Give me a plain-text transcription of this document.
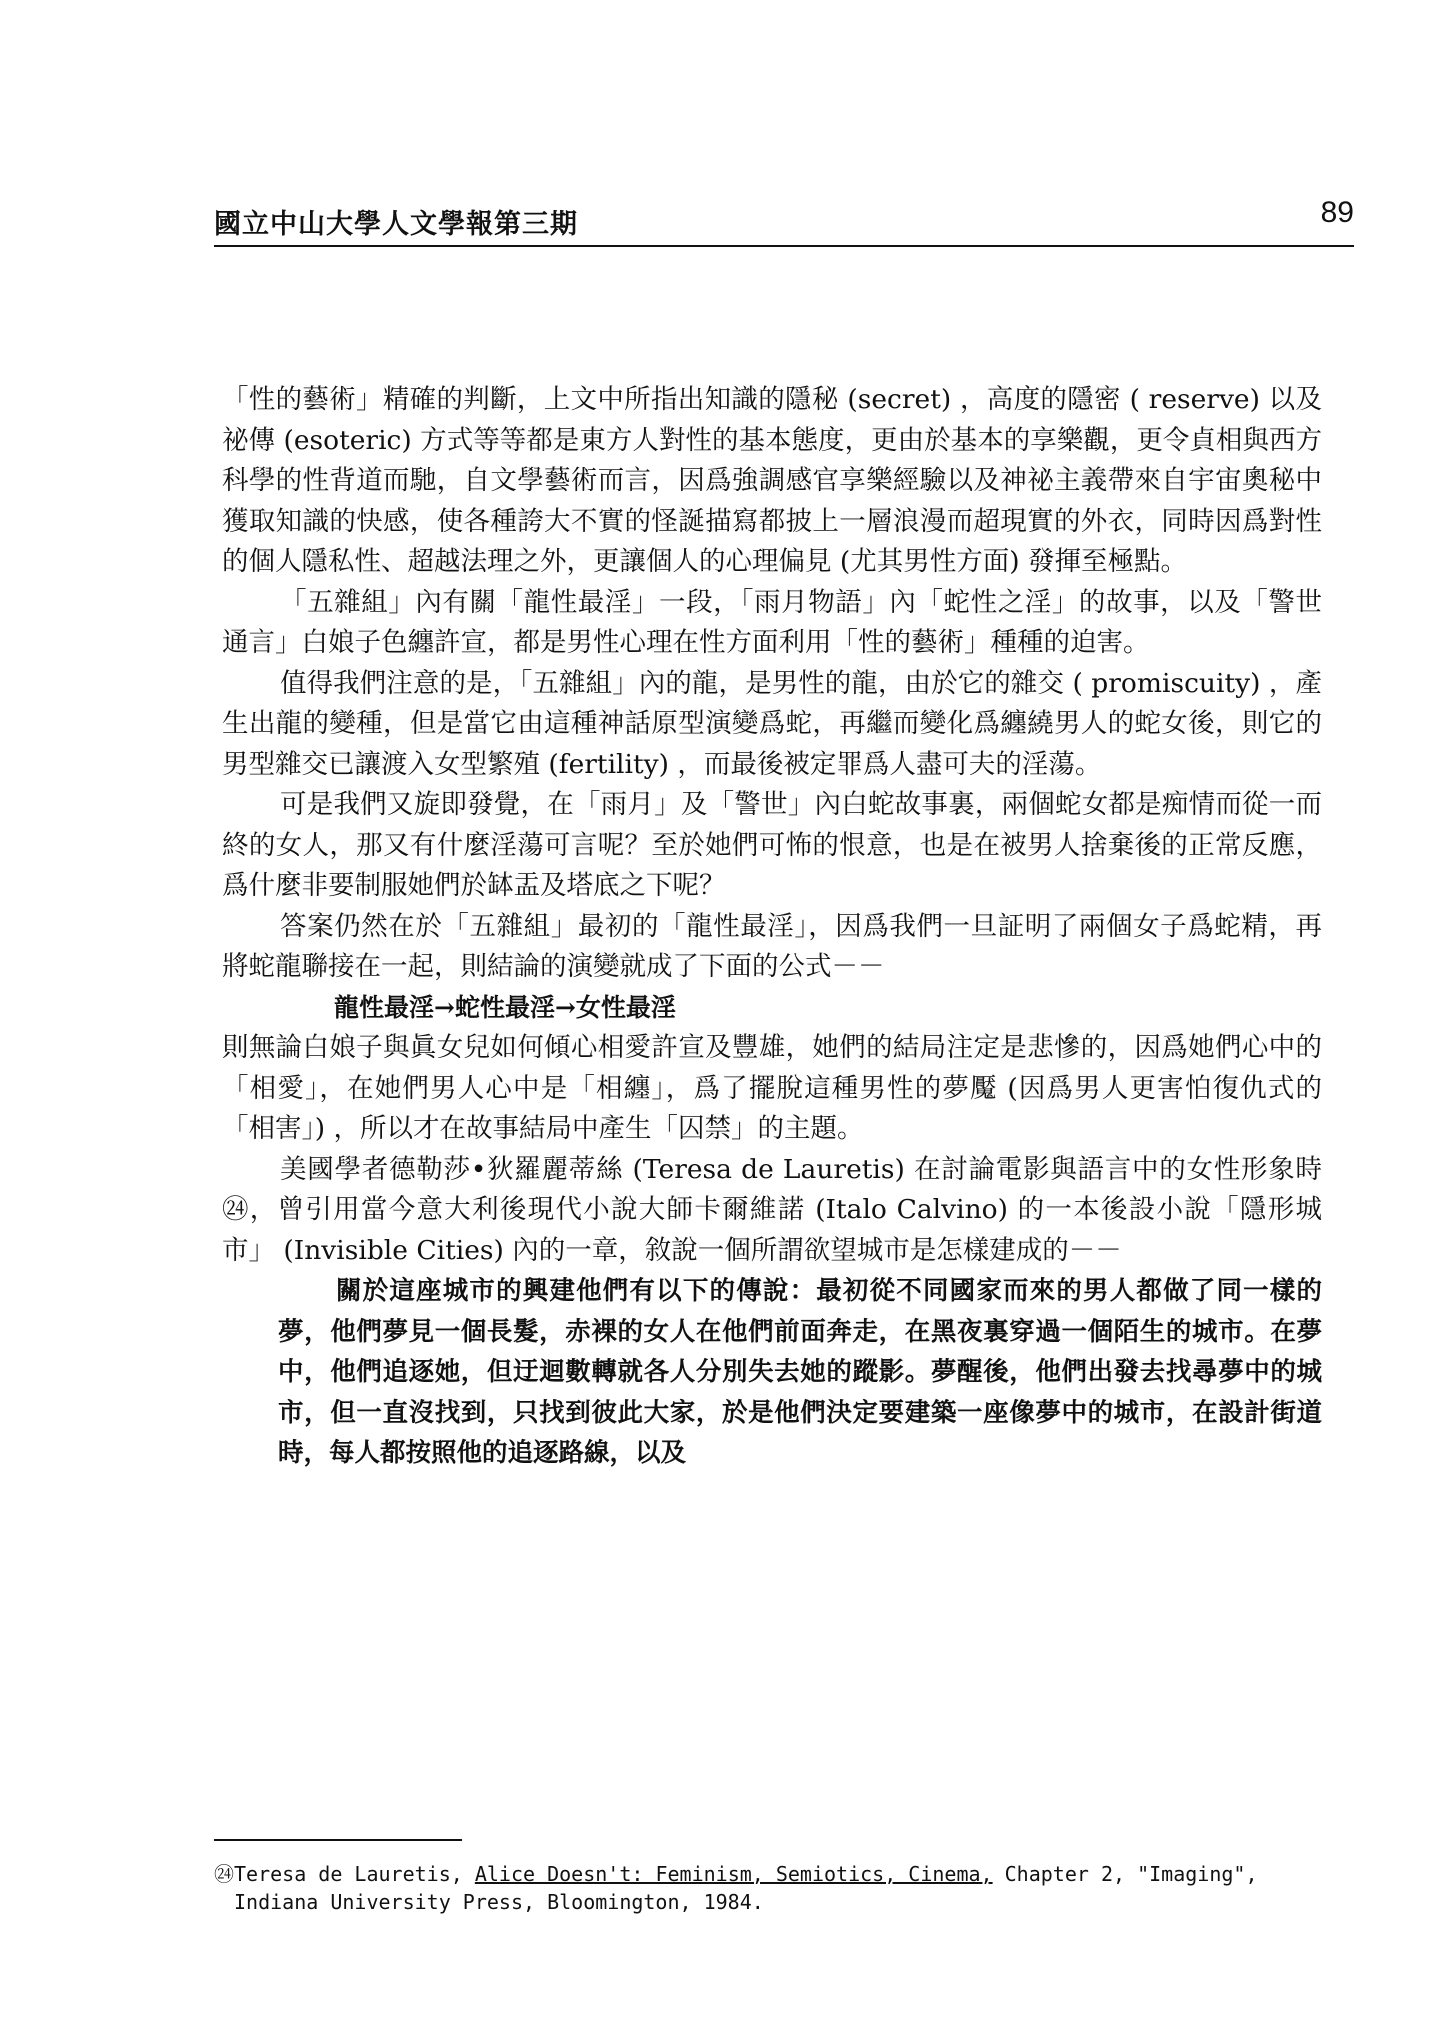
國立中山大學人文學報第三期	89

「性的藝術」精確的判斷，上文中所指出知識的隱秘 (secret) ，高度的隱密 ( reserve) 以及祕傳 (esoteric) 方式等等都是東方人對性的基本態度，更由於基本的享樂觀，更令貞相與西方科學的性背道而馳，自文學藝術而言，因爲強調感官享樂經驗以及神祕主義帶來自宇宙奧秘中獲取知識的快感，使各種誇大不實的怪誕描寫都披上一層浪漫而超現實的外衣，同時因爲對性的個人隱私性、超越法理之外，更讓個人的心理偏見 (尤其男性方面) 發揮至極點。

「五雜組」內有關「龍性最淫」一段，「雨月物語」內「蛇性之淫」的故事，以及「警世通言」白娘子色纏許宣，都是男性心理在性方面利用「性的藝術」種種的迫害。

值得我們注意的是，「五雜組」內的龍，是男性的龍，由於它的雜交 ( promiscuity) ，產生出龍的變種，但是當它由這種神話原型演變爲蛇，再繼而變化爲纏繞男人的蛇女後，則它的男型雜交已讓渡入女型繁殖 (fertility) ，而最後被定罪爲人盡可夫的淫蕩。

可是我們又旋即發覺，在「雨月」及「警世」內白蛇故事裏，兩個蛇女都是痴情而從一而終的女人，那又有什麼淫蕩可言呢？至於她們可怖的恨意，也是在被男人捨棄後的正常反應，爲什麼非要制服她們於缽盂及塔底之下呢？

答案仍然在於「五雜組」最初的「龍性最淫」，因爲我們一旦証明了兩個女子爲蛇精，再將蛇龍聯接在一起，則結論的演變就成了下面的公式－－

龍性最淫→蛇性最淫→女性最淫

則無論白娘子與眞女兒如何傾心相愛許宣及豐雄，她們的結局注定是悲慘的，因爲她們心中的「相愛」，在她們男人心中是「相纏」，爲了擺脫這種男性的夢魘 (因爲男人更害怕復仇式的「相害」) ，所以才在故事結局中產生「囚禁」的主題。

美國學者德勒莎•狄羅麗蒂絲 (Teresa de Lauretis) 在討論電影與語言中的女性形象時㉔，曾引用當今意大利後現代小說大師卡爾維諾 (Italo Calvino) 的一本後設小說「隱形城市」 (Invisible Cities) 內的一章，敘說一個所謂欲望城市是怎樣建成的－－

關於這座城市的興建他們有以下的傳說：最初從不同國家而來的男人都做了同一樣的夢，他們夢見一個長髮，赤裸的女人在他們前面奔走，在黑夜裏穿過一個陌生的城市。在夢中，他們追逐她，但迂迴數轉就各人分別失去她的蹤影。夢醒後，他們出發去找尋夢中的城市，但一直沒找到，只找到彼此大家，於是他們決定要建築一座像夢中的城市，在設計街道時，每人都按照他的追逐路線，以及

㉔Teresa de Lauretis, Alice Doesn't: Feminism, Semiotics, Cinema, Chapter 2, "Imaging",
Indiana University Press, Bloomington, 1984.
